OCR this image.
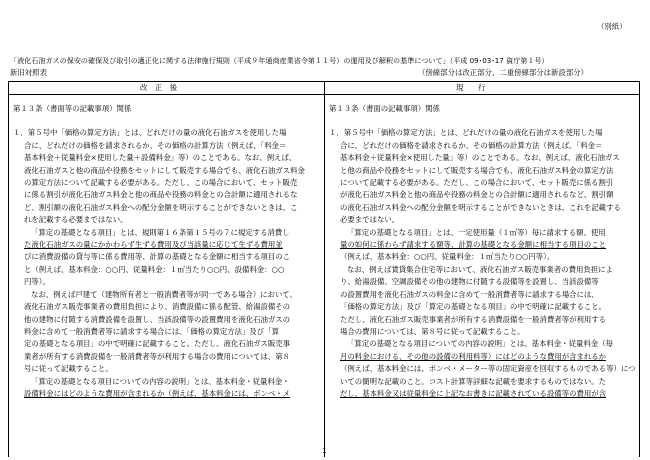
（別紙）
「液化石油ガスの保安の確保及び取引の適正化に関する法律施行規則（平成９年通商産業省令第１１号）の運用及び解釈の基準について」（平成 09･03･17 資庁第１号）
新旧対照表	（傍線部分は改正部分、二重傍線部分は新設部分）
改　正　後	現　　行

第１３条（書面等の記載事項）関係

１．第５号中「価格の算定方法」とは、どれだけの量の液化石油ガスを使用した場

合に、どれだけの価格を請求されるか、その価格の計算方法（例えば、「料金＝

基本料金＋従量料金×使用した量＋設備料金」等）のことである。なお、例えば、

液化石油ガスと他の商品や役務をセットにして販売する場合でも、液化石油ガス料金

の算定方法について記載する必要がある。ただし、この場合において、セット販売

に係る割引が液化石油ガス料金と他の商品や役務の料金との合計額に適用されるな

ど、割引額の液化石油ガス料金への配分金額を明示することができないときは、こ

れを記載する必要まではない。

「算定の基礎となる項目」とは、規則第１６条第１５号の７に規定する消費し

た液化石油ガスの量にかかわらず生ずる費用及び当該量に応じて生ずる費用並

びに消費設備の貸与等に係る費用等、計算の基礎となる金額に相当する項目のこ

と（例えば、基本料金：○○円、従量料金：１㎥当たり○○円、設備料金：○○

円等）。

なお、例えば戸建て（建物所有者と一般消費者等が同一である場合）において、

液化石油ガス販売事業者の費用負担により、消費設備に係る配管、給湯設備その

他の建物に付随する消費設備を設置し、当該設備等の設置費用を液化石油ガスの

料金に含めて一般消費者等に請求する場合には、「価格の算定方法」及び「算

定の基礎となる項目」の中で明確に記載すること。ただし、液化石油ガス販売事

業者が所有する消費設備を一般消費者等が利用する場合の費用については、第８

号に従って記載すること。

「算定の基礎となる項目についての内容の説明」とは、基本料金・従量料金・

設備料金にはどのような費用が含まれるか（例えば、基本料金には、ボンベ・メ

第１３条（書面の記載事項）関係

１．第５号中「価格の算定方法」とは、どれだけの量の液化石油ガスを使用した場

合に、どれだけの価格を請求されるか、その価格の計算方法（例えば、「料金＝

基本料金＋従量料金×使用した量」等）のことである。なお、例えば、液化石油ガス

と他の商品や役務をセットにして販売する場合でも、液化石油ガス料金の算定方法

について記載する必要がある。ただし、この場合において、セット販売に係る割引

が液化石油ガス料金と他の商品や役務の料金との合計額に適用されるなど、割引額

の液化石油ガス料金への配分金額を明示することができないときは、これを記載する

必要まではない。

「算定の基礎となる項目」とは、一定使用量（１㎥等）毎に請求する額、使用

量の如何に係わらず請求する額等、計算の基礎となる金額に相当する項目のこと

（例えば、基本料金：○○円、従量料金：１㎥当たり○○円等）。

なお、例えば賃貸集合住宅等において、液化石油ガス販売事業者の費用負担によ

り、給湯設備、空調設備その他の建物に付随する設備等を設置し、当該設備等

の設置費用を液化石油ガスの料金に含めて一般消費者等に請求する場合には、

「価格の算定方法」及び「算定の基礎となる項目」の中で明確に記載すること。

ただし、液化石油ガス販売事業者が所有する消費設備を一般消費者等が利用する

場合の費用については、第８号に従って記載すること。

「算定の基礎となる項目についての内容の説明」とは、基本料金・従量料金（毎

月の料金における、その他の設備の利用料等）にはどのような費用が含まれるか

（例えば、基本料金には、ボンベ・メーター等の固定資産を回収するものである等）につ

いての簡明な記載のこと。コスト計算等詳細な記載を要求するものではない。た

だし、基本料金又は従量料金に上記なお書きに記載されている設備等の費用が含

1
